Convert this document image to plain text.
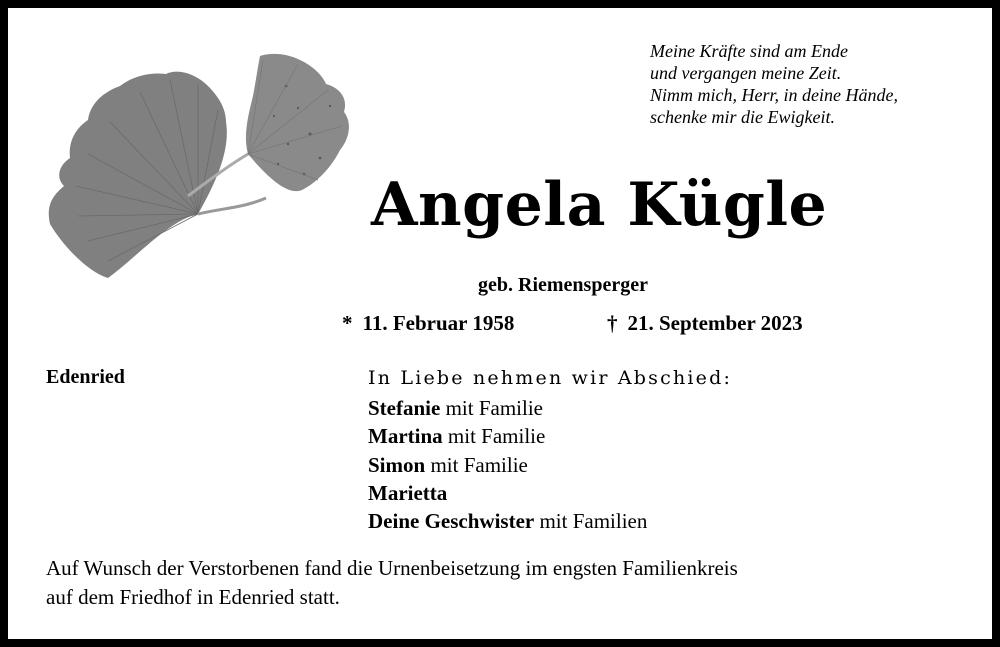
Meine Kräfte sind am Ende
und vergangen meine Zeit.
Nimm mich, Herr, in deine Hände,
schenke mir die Ewigkeit.
Angela Kügle
geb. Riemensperger
* 11. Februar 1958	† 21. September 2023
Edenried	In Liebe nehmen wir Abschied:
Stefanie mit Familie
Martina mit Familie
Simon mit Familie
Marietta
Deine Geschwister mit Familien
Auf Wunsch der Verstorbenen fand die Urnenbeisetzung im engsten Familienkreis
auf dem Friedhof in Edenried statt.
